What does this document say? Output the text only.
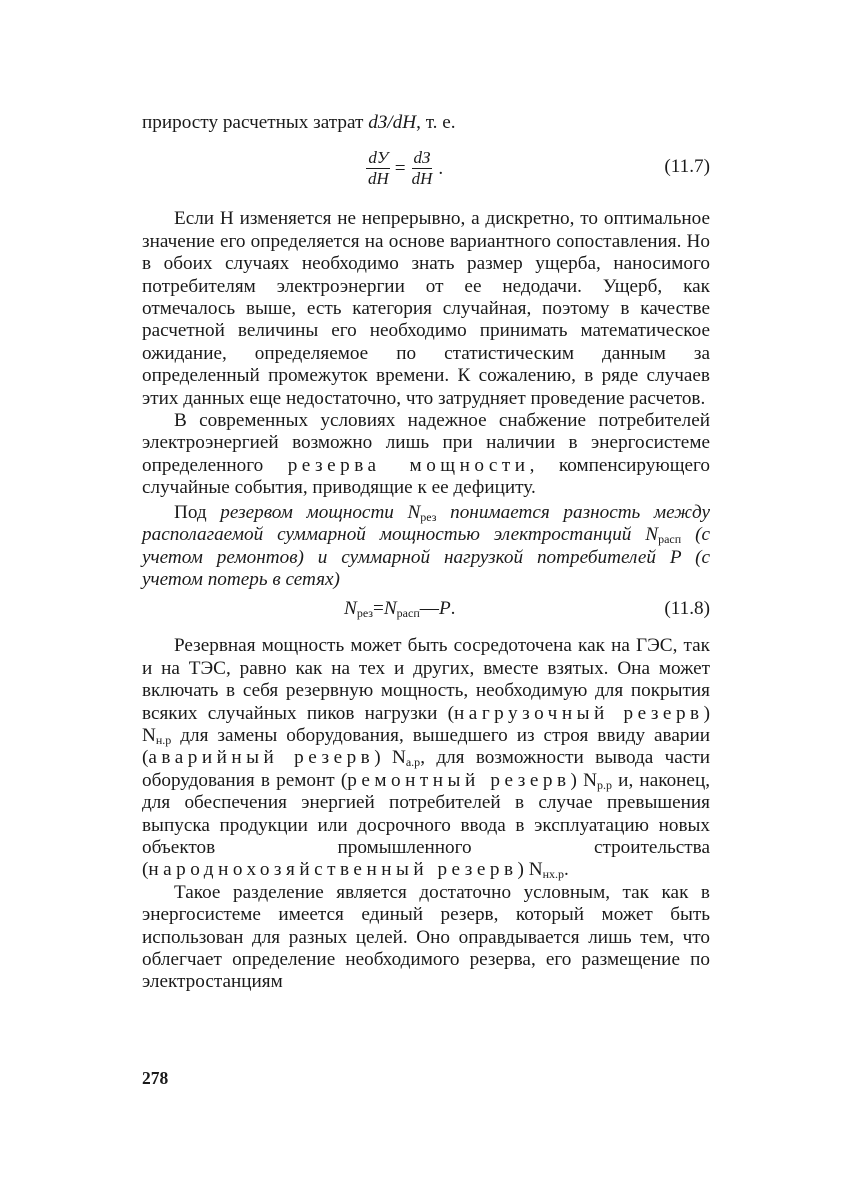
приросту расчетных затрат dЗ/dH, т. е.

$\frac{dУ}{dH} = \frac{dЗ}{dH}$ .	(11.7)

Если H изменяется не непрерывно, а дискретно, то оптимальное значение его определяется на основе вариантного сопоставления. Но в обоих случаях необходимо знать размер ущерба, наносимого потребителям электроэнергии от ее недодачи. Ущерб, как отмечалось выше, есть категория случайная, поэтому в качестве расчетной величины его необходимо принимать математическое ожидание, определяемое по статистическим данным за определенный промежуток времени. К сожалению, в ряде случаев этих данных еще недостаточно, что затрудняет проведение расчетов.

В современных условиях надежное снабжение потребителей электроэнергией возможно лишь при наличии в энергосистеме определенного резерва мощности, компенсирующего случайные события, приводящие к ее дефициту.

Под резервом мощности $N_{рез}$ понимается разность между располагаемой суммарной мощностью электростанций $N_{расп}$ (с учетом ремонтов) и суммарной нагрузкой потребителей P (с учетом потерь в сетях)

$N_{рез}=N_{расп}—P$.	(11.8)

Резервная мощность может быть сосредоточена как на ГЭС, так и на ТЭС, равно как на тех и других, вместе взятых. Она может включать в себя резервную мощность, необходимую для покрытия всяких случайных пиков нагрузки (нагрузочный резерв) $N_{н.р}$ для замены оборудования, вышедшего из строя ввиду аварии (аварийный резерв) $N_{а.р}$, для возможности вывода части оборудования в ремонт (ремонтный резерв) $N_{р.р}$ и, наконец, для обеспечения энергией потребителей в случае превышения выпуска продукции или досрочного ввода в эксплуатацию новых объектов промышленного строительства (народнохозяйственный резерв) $N_{нх.р}$.

Такое разделение является достаточно условным, так как в энергосистеме имеется единый резерв, который может быть использован для разных целей. Оно оправдывается лишь тем, что облегчает определение необходимого резерва, его размещение по электростанциям

278
